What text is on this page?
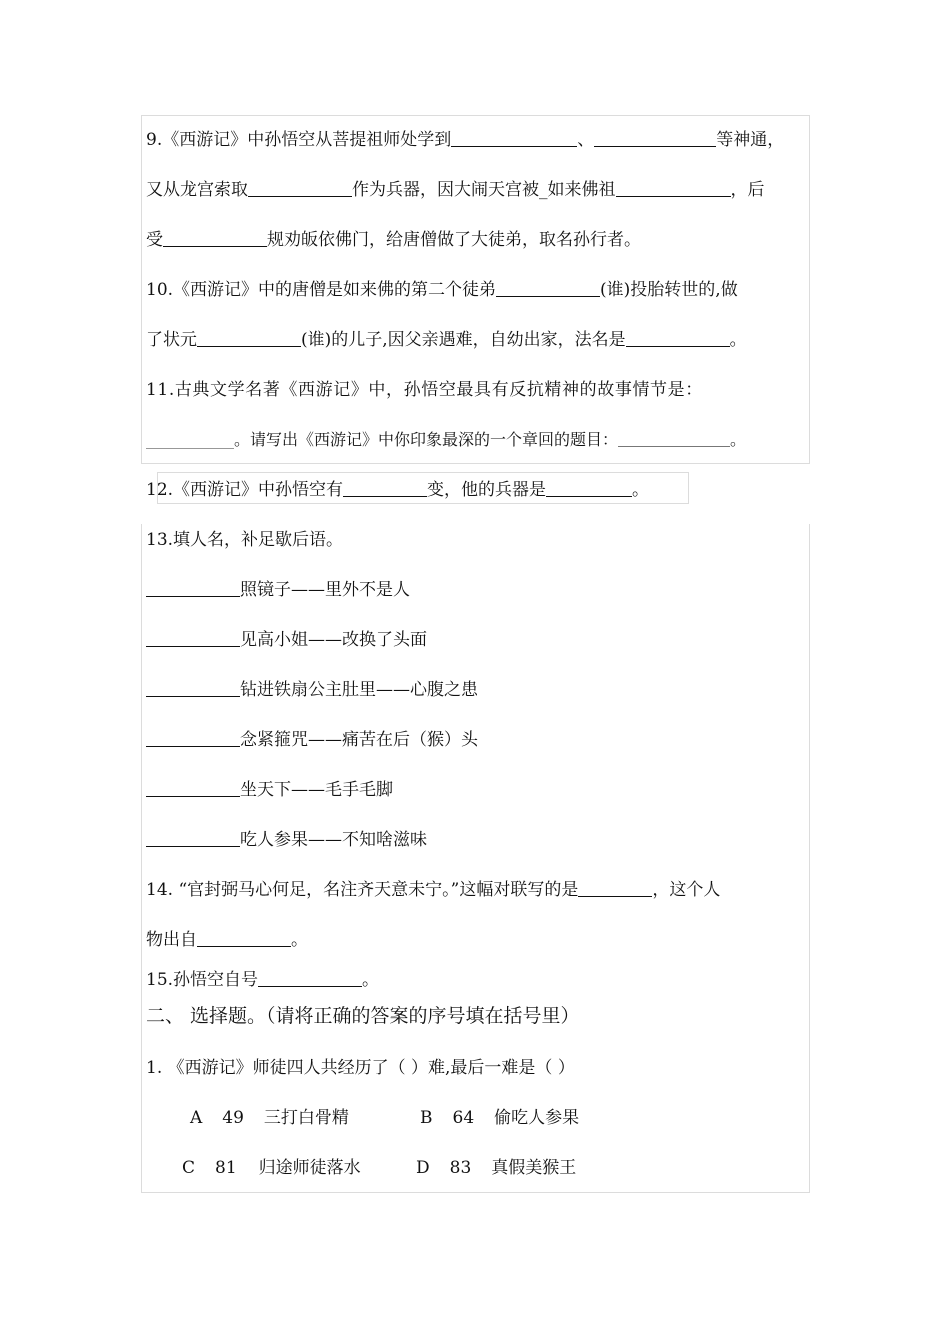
9.《西游记》中孙悟空从菩提祖师处学到	、	等神通，
又从龙宫索取	作为兵器，因大闹天宫被_如来佛祖	，后
受	规劝皈依佛门，给唐僧做了大徒弟，取名孙行者。
10.《西游记》中的唐僧是如来佛的第二个徒弟	(谁)投胎转世的,做
了状元	(谁)的儿子,因父亲遇难，自幼出家，法名是	。
11.古典文学名著《西游记》中，孙悟空最具有反抗精神的故事情节是：
___________。请写出《西游记》中你印象最深的一个章回的题目：	。
12.《西游记》中孙悟空有	变，他的兵器是	。
13.填人名，补足歇后语。
照镜子——里外不是人
见高小姐——改换了头面
钻进铁扇公主肚里——心腹之患
念紧箍咒——痛苦在后（猴）头
坐天下——毛手毛脚
吃人参果——不知啥滋味
14. “官封弼马心何足，名注齐天意未宁。”这幅对联写的是	，这个人
物出自	。
15.孙悟空自号	。
二、 选择题。（请将正确的答案的序号填在括号里）
1. 《西游记》师徒四人共经历了（ ）难,最后一难是（ ）
A 49 三打白骨精	B 64 偷吃人参果
C 81 归途师徒落水	D 83 真假美猴王
